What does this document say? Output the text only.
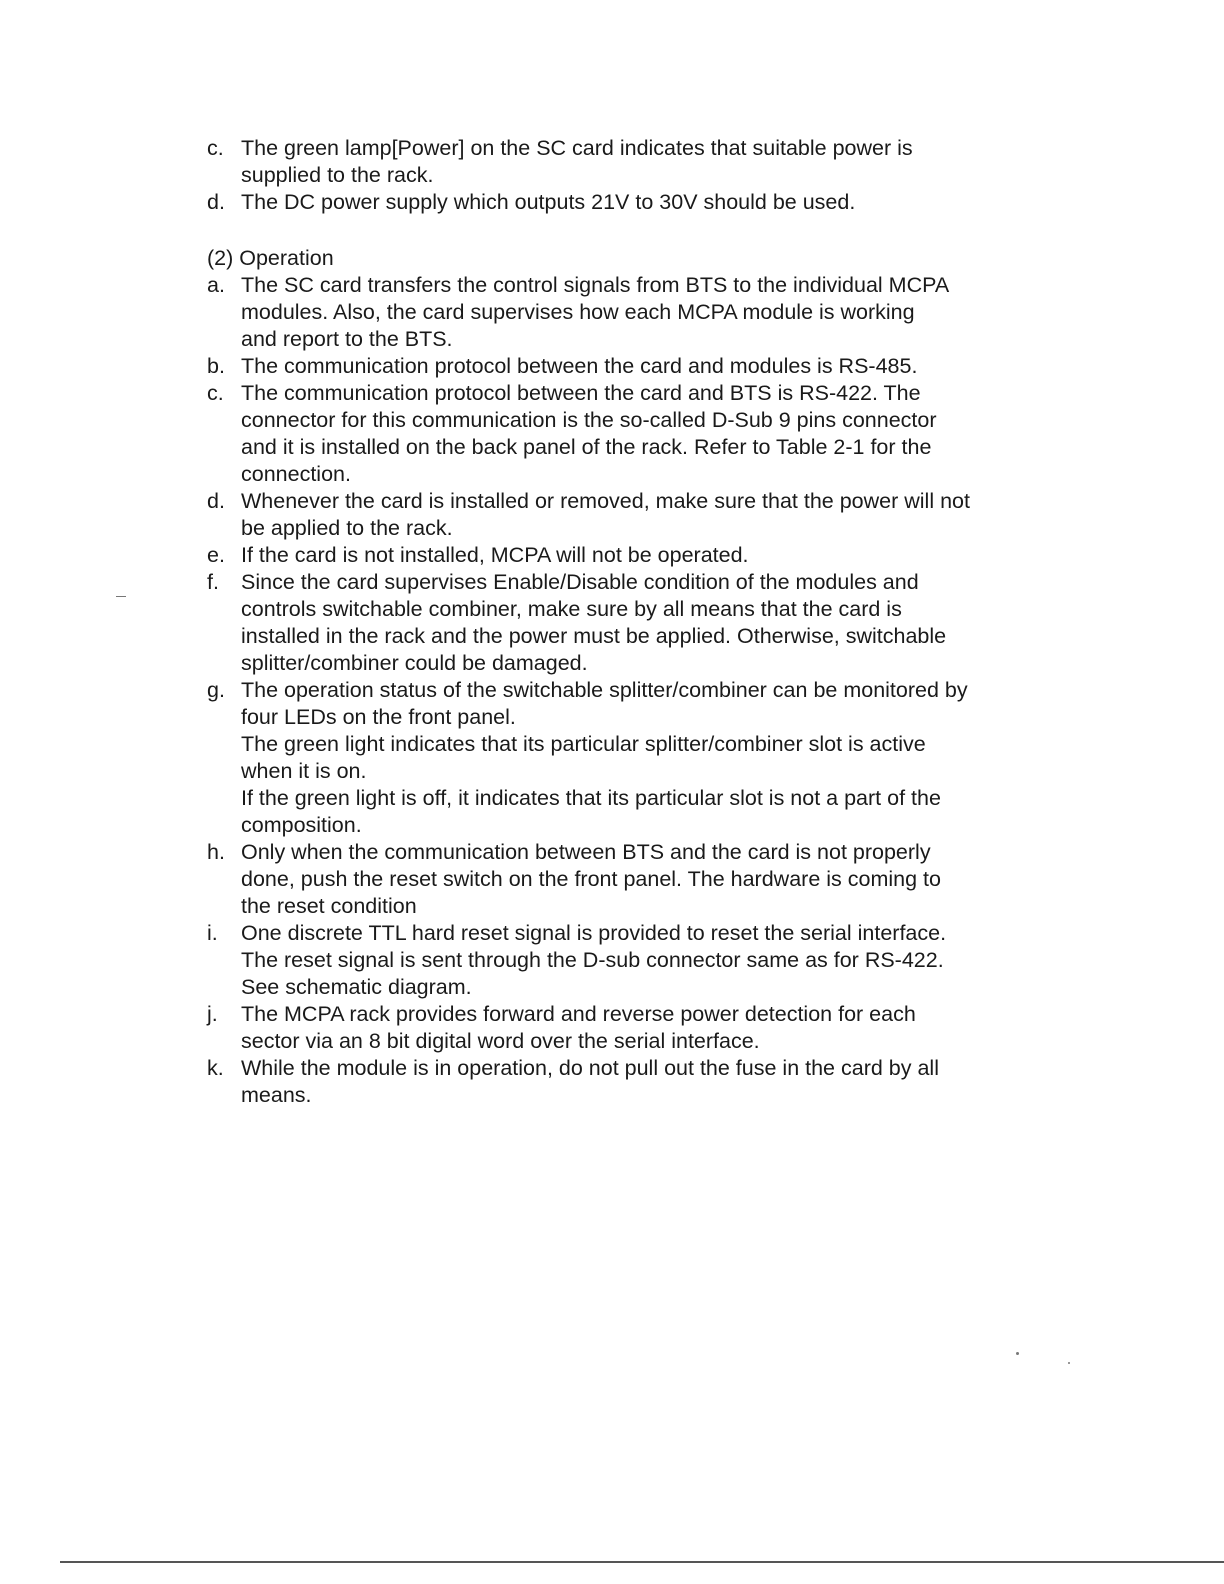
c. The green lamp[Power] on the SC card indicates that suitable power is

supplied to the rack.

d. The DC power supply which outputs 21V to 30V should be used.

(2) Operation

a. The SC card transfers the control signals from BTS to the individual MCPA

modules. Also, the card supervises how each MCPA module is working

and report to the BTS.

b. The communication protocol between the card and modules is RS-485.

c. The communication protocol between the card and BTS is RS-422. The

connector for this communication is the so-called D-Sub 9 pins connector

and it is installed on the back panel of the rack. Refer to Table 2-1 for the

connection.

d. Whenever the card is installed or removed, make sure that the power will not

be applied to the rack.

e. If the card is not installed, MCPA will not be operated.

f. Since the card supervises Enable/Disable condition of the modules and

controls switchable combiner, make sure by all means that the card is

installed in the rack and the power must be applied. Otherwise, switchable

splitter/combiner could be damaged.

g. The operation status of the switchable splitter/combiner can be monitored by

four LEDs on the front panel.

The green light indicates that its particular splitter/combiner slot is active

when it is on.

If the green light is off, it indicates that its particular slot is not a part of the

composition.

h. Only when the communication between BTS and the card is not properly

done, push the reset switch on the front panel. The hardware is coming to

the reset condition

i. One discrete TTL hard reset signal is provided to reset the serial interface.

The reset signal is sent through the D-sub connector same as for RS-422.

See schematic diagram.

j. The MCPA rack provides forward and reverse power detection for each

sector via an 8 bit digital word over the serial interface.

k. While the module is in operation, do not pull out the fuse in the card by all

means.
